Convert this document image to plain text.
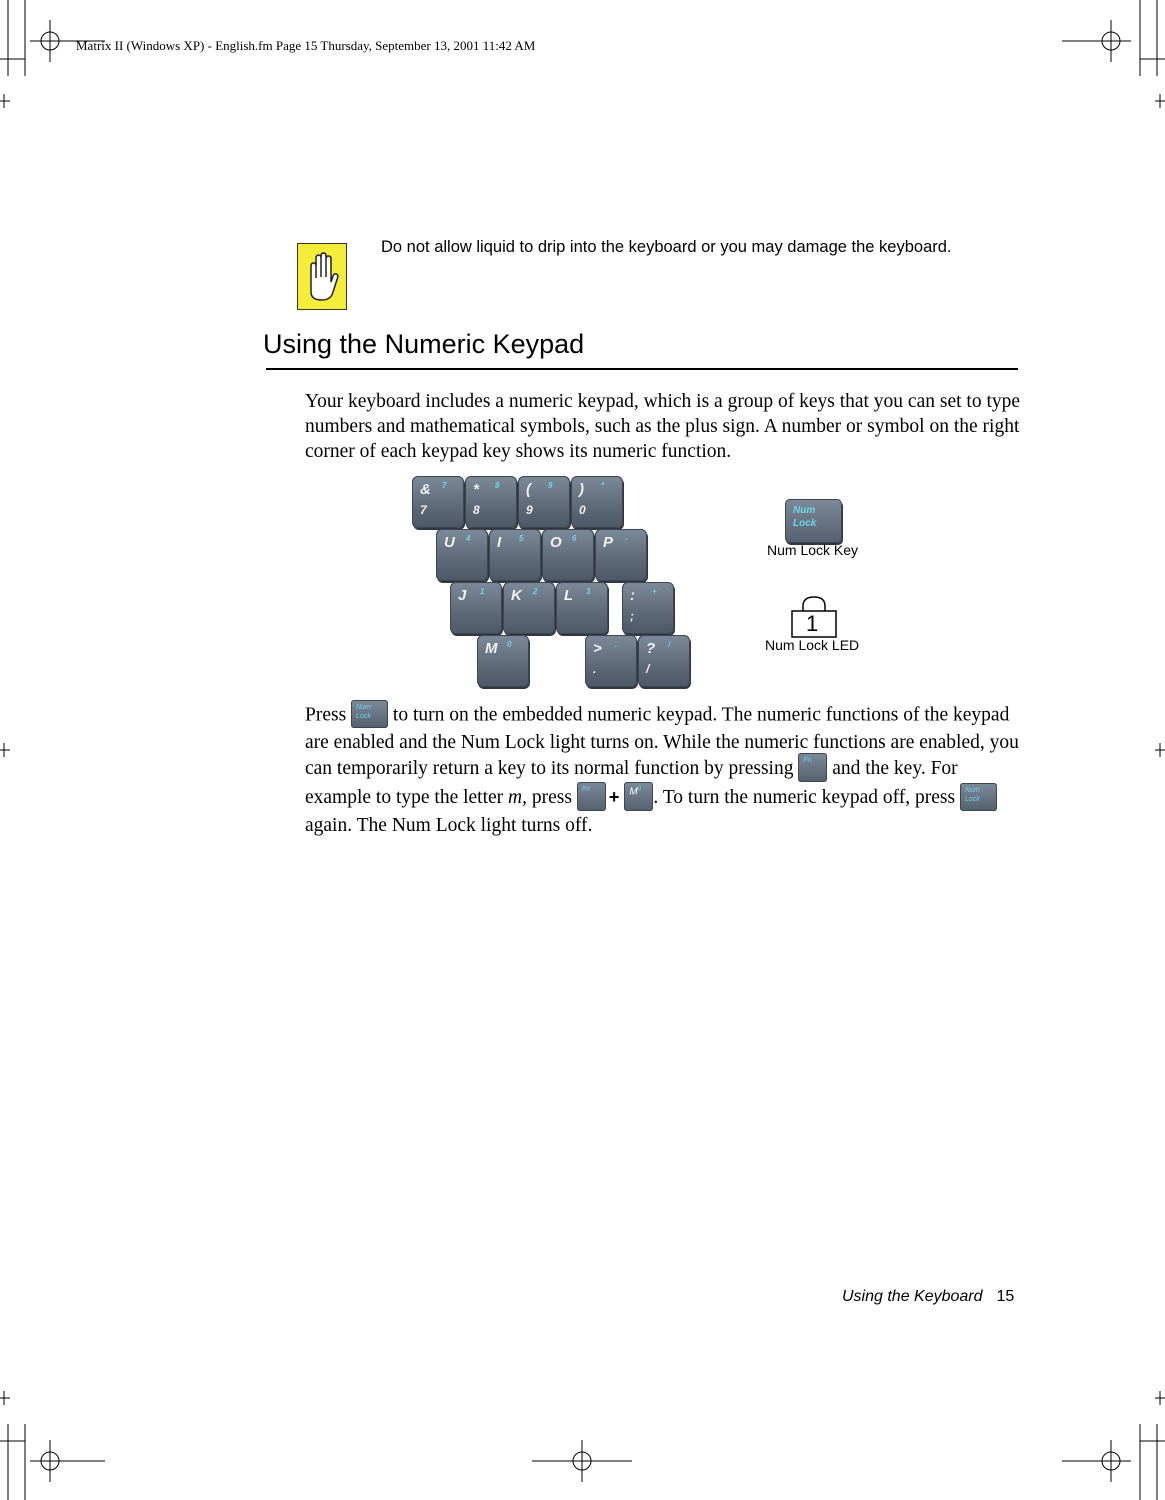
Matrix II (Windows XP) - English.fm Page 15 Thursday, September 13, 2001 11:42 AM
Do not allow liquid to drip into the keyboard or you may damage the keyboard.
Using the Numeric Keypad

Your keyboard includes a numeric keypad, which is a group of keys that you can set to type numbers and mathematical symbols, such as the plus sign. A number or symbol on the right corner of each keypad key shows its numeric function.

&
7
7 *
8
8 (
9
9 )
0
*
U 4 I 5 O 6 P -
J 1 K 2 L 3	:
;
+
M 0	>
.
. ?
/
/
Num
Lock
Num Lock Key
1
Num Lock LED

Press Num
Lock to turn on the embedded numeric keypad. The numeric functions of the keypad are enabled and the Num Lock light turns on. While the numeric functions are enabled, you can temporarily return a key to its normal function by pressing Fn and the key. For example to type the letter m, press $Fn + M^0$ . To turn the numeric keypad off, press Num
Lock again. The Num Lock light turns off.

Using the Keyboard 15
